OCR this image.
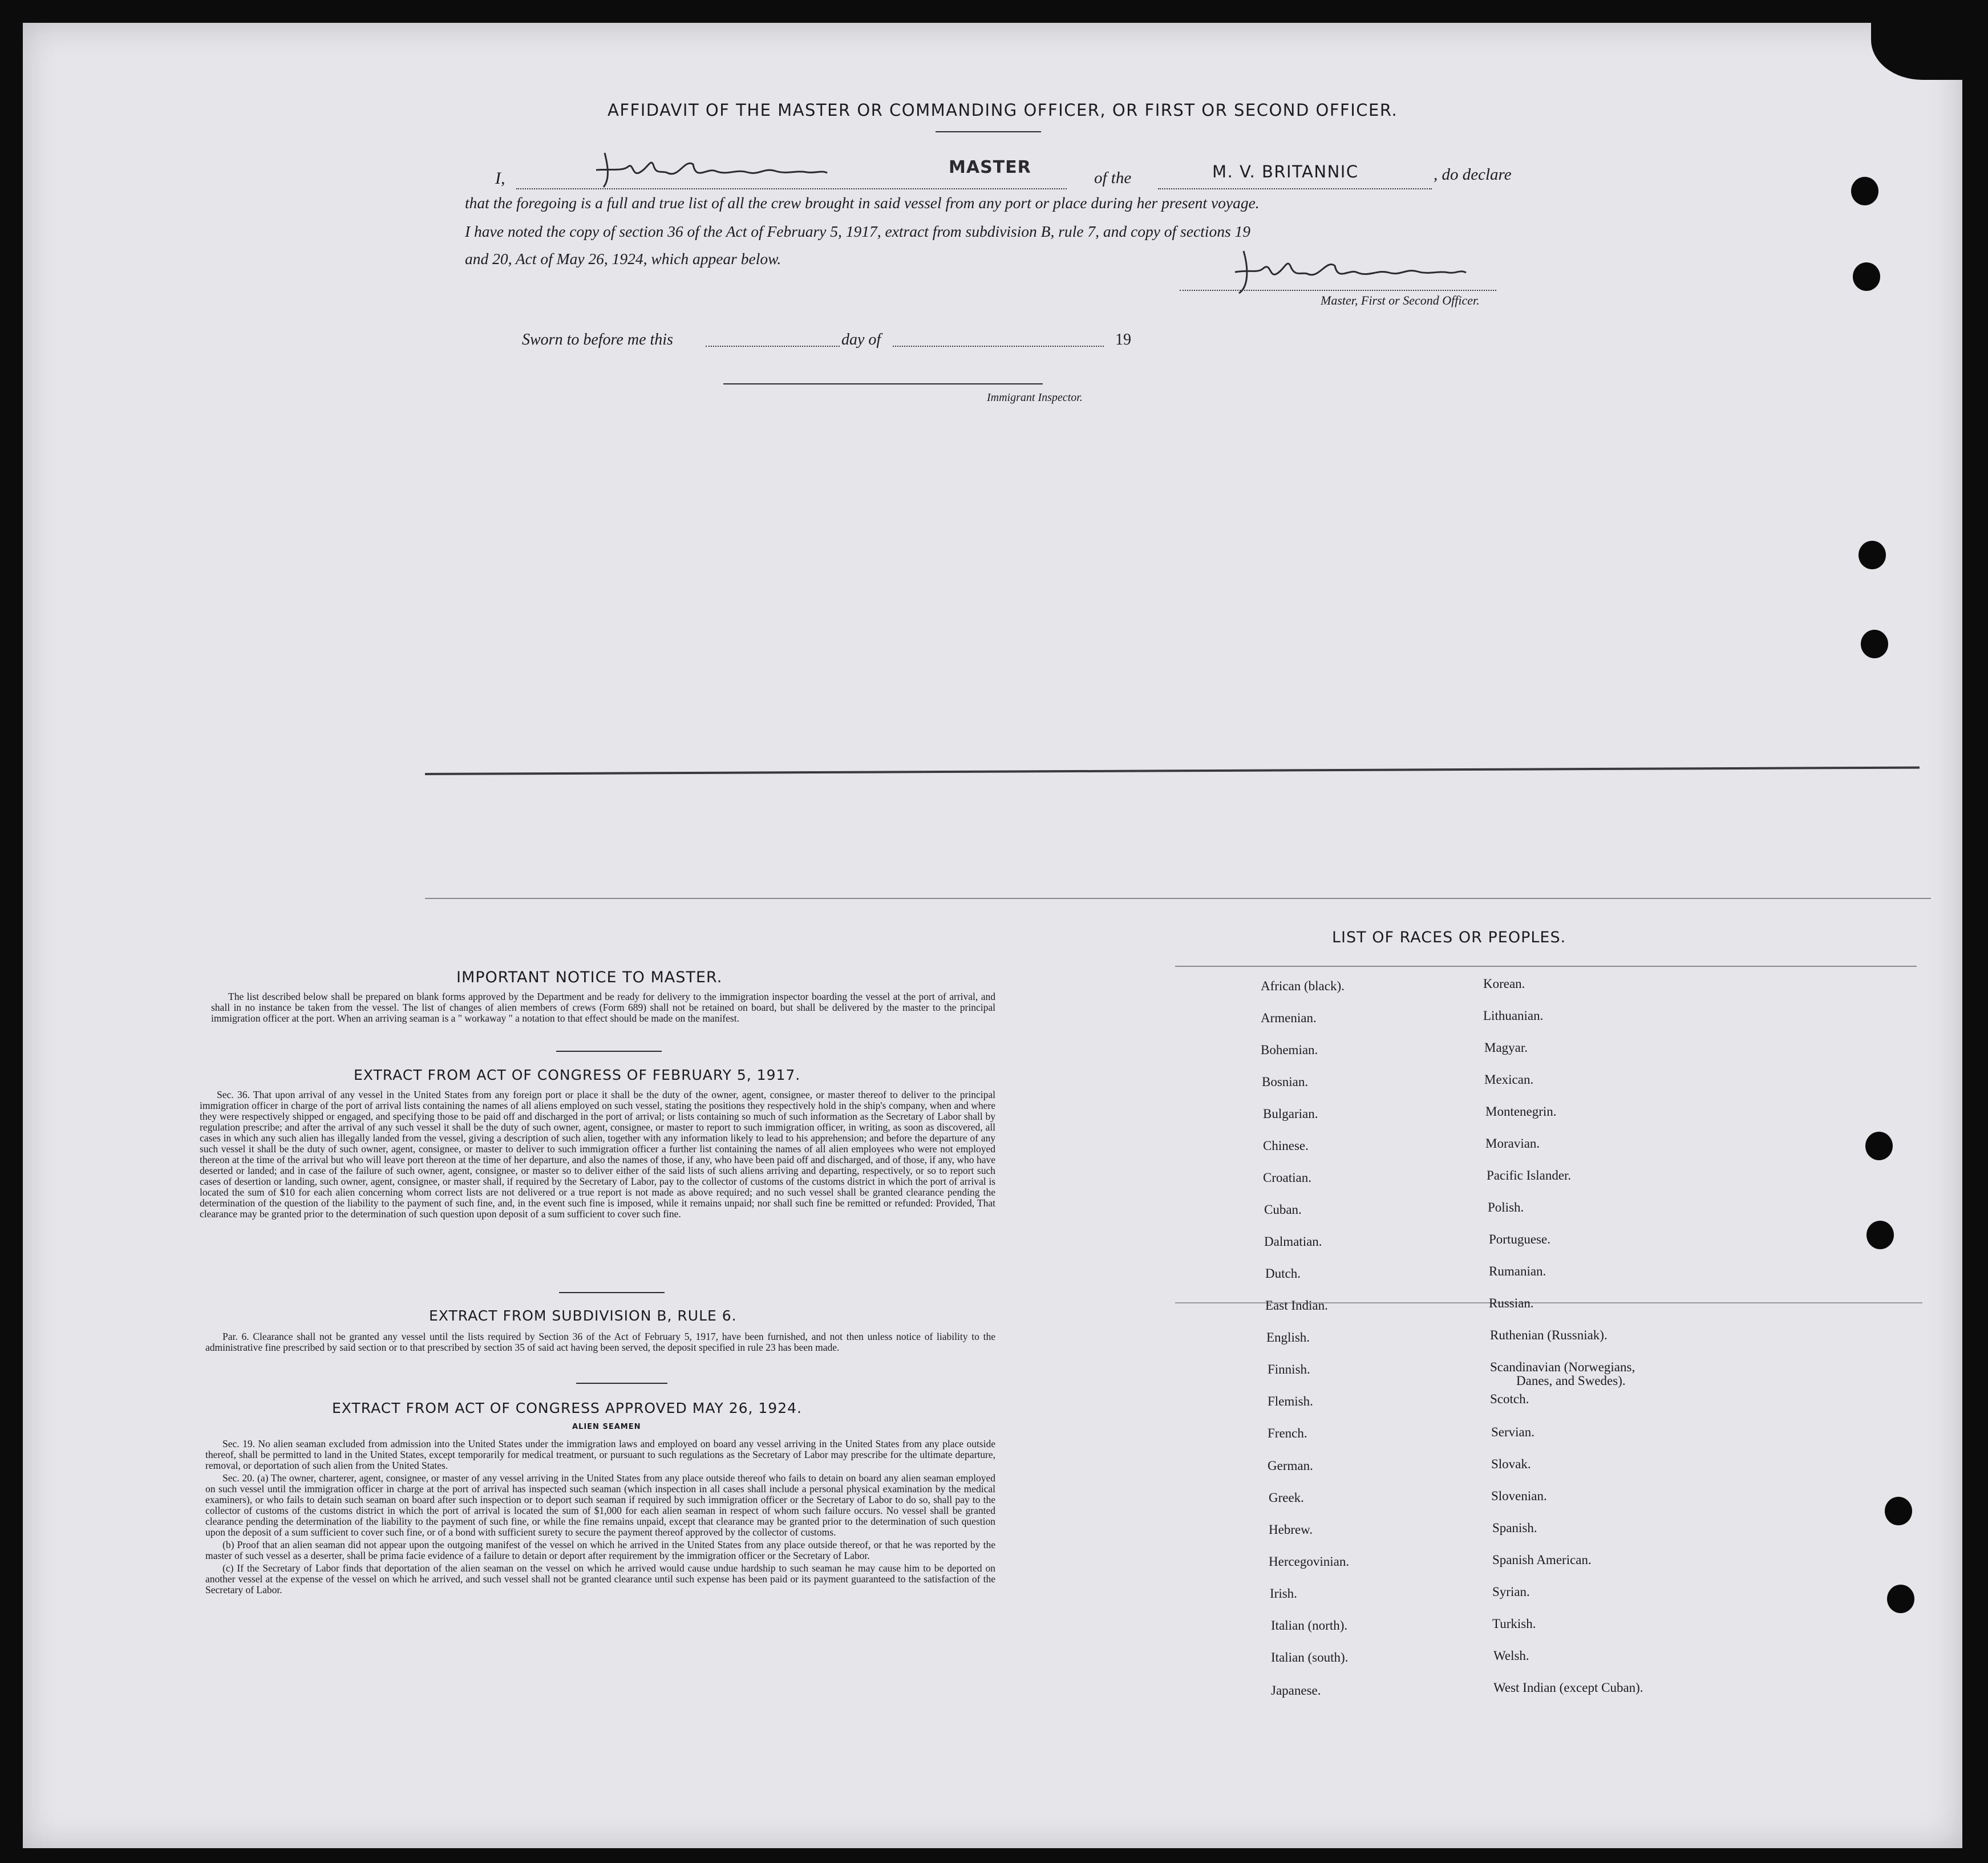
AFFIDAVIT OF THE MASTER OR COMMANDING OFFICER, OR FIRST OR SECOND OFFICER.
I,
MASTER
of the	M. V. BRITANNIC	, do declare
that the foregoing is a full and true list of all the crew brought in said vessel from any port or place during her present voyage.
I have noted the copy of section 36 of the Act of February 5, 1917, extract from subdivision B, rule 7, and copy of sections 19
and 20, Act of May 26, 1924, which appear below.
Master, First or Second Officer.
Sworn to before me this	day of	19
Immigrant Inspector.
IMPORTANT NOTICE TO MASTER.

The list described below shall be prepared on blank forms approved by the Department and be ready for delivery to the immigration inspector boarding the vessel at the port of arrival, and shall in no instance be taken from the vessel. The list of changes of alien members of crews (Form 689) shall not be retained on board, but shall be delivered by the master to the principal immigration officer at the port. When an arriving seaman is a " workaway " a notation to that effect should be made on the manifest.

EXTRACT FROM ACT OF CONGRESS OF FEBRUARY 5, 1917.

Sec. 36. That upon arrival of any vessel in the United States from any foreign port or place it shall be the duty of the owner, agent, consignee, or master thereof to deliver to the principal immigration officer in charge of the port of arrival lists containing the names of all aliens employed on such vessel, stating the positions they respectively hold in the ship's company, when and where they were respectively shipped or engaged, and specifying those to be paid off and discharged in the port of arrival; or lists containing so much of such information as the Secretary of Labor shall by regulation prescribe; and after the arrival of any such vessel it shall be the duty of such owner, agent, consignee, or master to report to such immigration officer, in writing, as soon as discovered, all cases in which any such alien has illegally landed from the vessel, giving a description of such alien, together with any information likely to lead to his apprehension; and before the departure of any such vessel it shall be the duty of such owner, agent, consignee, or master to deliver to such immigration officer a further list containing the names of all alien employees who were not employed thereon at the time of the arrival but who will leave port thereon at the time of her departure, and also the names of those, if any, who have been paid off and discharged, and of those, if any, who have deserted or landed; and in case of the failure of such owner, agent, consignee, or master so to deliver either of the said lists of such aliens arriving and departing, respectively, or so to report such cases of desertion or landing, such owner, agent, consignee, or master shall, if required by the Secretary of Labor, pay to the collector of customs of the customs district in which the port of arrival is located the sum of $10 for each alien concerning whom correct lists are not delivered or a true report is not made as above required; and no such vessel shall be granted clearance pending the determination of the question of the liability to the payment of such fine, and, in the event such fine is imposed, while it remains unpaid; nor shall such fine be remitted or refunded: Provided, That clearance may be granted prior to the determination of such question upon deposit of a sum sufficient to cover such fine.

EXTRACT FROM SUBDIVISION B, RULE 6.

Par. 6. Clearance shall not be granted any vessel until the lists required by Section 36 of the Act of February 5, 1917, have been furnished, and not then unless notice of liability to the administrative fine prescribed by said section or to that prescribed by section 35 of said act having been served, the deposit specified in rule 23 has been made.

EXTRACT FROM ACT OF CONGRESS APPROVED MAY 26, 1924.
ALIEN SEAMEN

Sec. 19. No alien seaman excluded from admission into the United States under the immigration laws and employed on board any vessel arriving in the United States from any place outside thereof, shall be permitted to land in the United States, except temporarily for medical treatment, or pursuant to such regulations as the Secretary of Labor may prescribe for the ultimate departure, removal, or deportation of such alien from the United States.

Sec. 20. (a) The owner, charterer, agent, consignee, or master of any vessel arriving in the United States from any place outside thereof who fails to detain on board any alien seaman employed on such vessel until the immigration officer in charge at the port of arrival has inspected such seaman (which inspection in all cases shall include a personal physical examination by the medical examiners), or who fails to detain such seaman on board after such inspection or to deport such seaman if required by such immigration officer or the Secretary of Labor to do so, shall pay to the collector of customs of the customs district in which the port of arrival is located the sum of $1,000 for each alien seaman in respect of whom such failure occurs. No vessel shall be granted clearance pending the determination of the liability to the payment of such fine, or while the fine remains unpaid, except that clearance may be granted prior to the determination of such question upon the deposit of a sum sufficient to cover such fine, or of a bond with sufficient surety to secure the payment thereof approved by the collector of customs.

(b) Proof that an alien seaman did not appear upon the outgoing manifest of the vessel on which he arrived in the United States from any place outside thereof, or that he was reported by the master of such vessel as a deserter, shall be prima facie evidence of a failure to detain or deport after requirement by the immigration officer or the Secretary of Labor.

(c) If the Secretary of Labor finds that deportation of the alien seaman on the vessel on which he arrived would cause undue hardship to such seaman he may cause him to be deported on another vessel at the expense of the vessel on which he arrived, and such vessel shall not be granted clearance until such expense has been paid or its payment guaranteed to the satisfaction of the Secretary of Labor.

LIST OF RACES OR PEOPLES.
African (black).
Armenian.
Bohemian.
Bosnian.
Bulgarian.
Chinese.
Croatian.
Cuban.
Dalmatian.
Dutch.
East Indian.
English.
Finnish.
Flemish.
French.
German.
Greek.
Hebrew.
Hercegovinian.
Irish.
Italian (north).
Italian (south).
Japanese.
Korean.
Lithuanian.
Magyar.
Mexican.
Montenegrin.
Moravian.
Pacific Islander.
Polish.
Portuguese.
Rumanian.
Russian.
Ruthenian (Russniak).
Scandinavian (Norwegians,
Danes, and Swedes).
Scotch.
Servian.
Slovak.
Slovenian.
Spanish.
Spanish American.
Syrian.
Turkish.
Welsh.
West Indian (except Cuban).
